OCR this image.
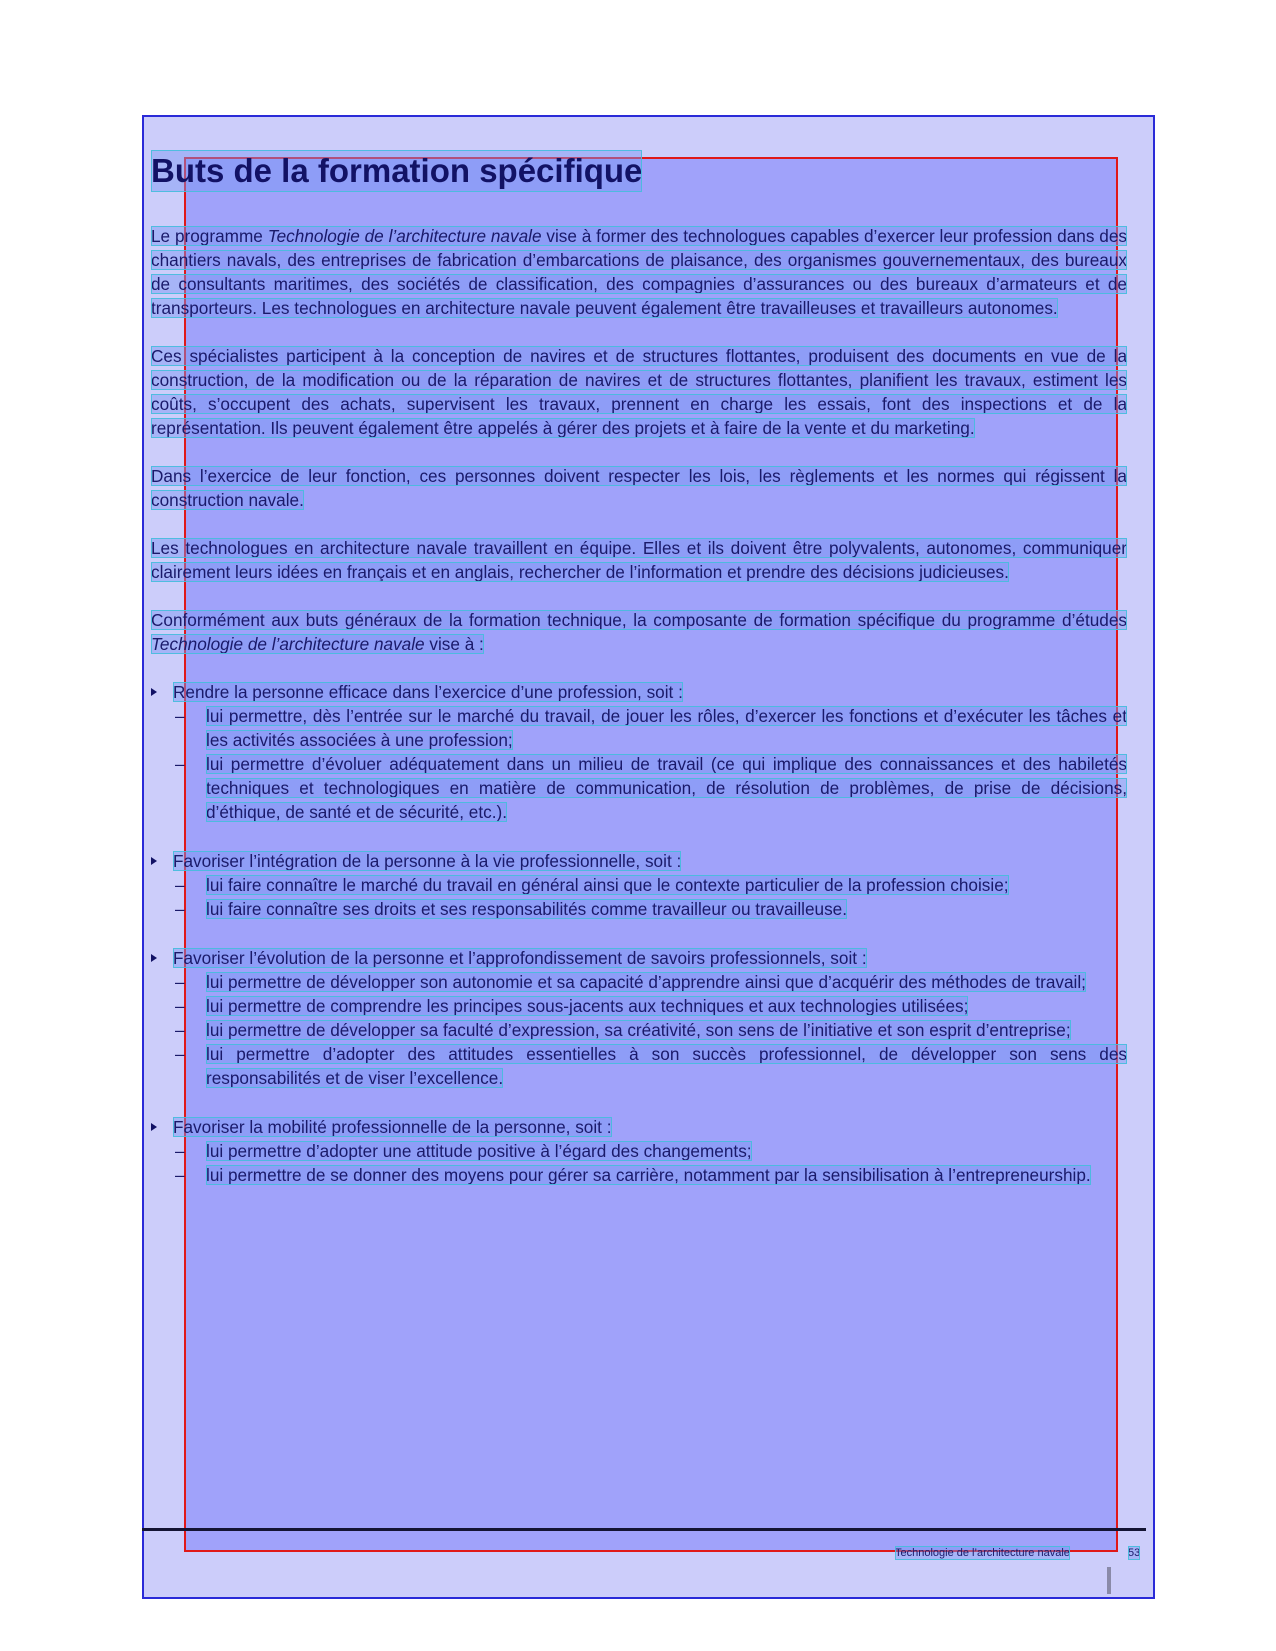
Buts de la formation spécifique

Le programme Technologie de l’architecture navale vise à former des technologues capables d’exercer leur profession dans des chantiers navals, des entreprises de fabrication d’embarcations de plaisance, des organismes gouvernementaux, des bureaux de consultants maritimes, des sociétés de classification, des compagnies d’assurances ou des bureaux d’armateurs et de transporteurs. Les technologues en architecture navale peuvent également être travailleuses et travailleurs autonomes.

Ces spécialistes participent à la conception de navires et de structures flottantes, produisent des documents en vue de la construction, de la modification ou de la réparation de navires et de structures flottantes, planifient les travaux, estiment les coûts, s’occupent des achats, supervisent les travaux, prennent en charge les essais, font des inspections et de la représentation. Ils peuvent également être appelés à gérer des projets et à faire de la vente et du marketing.

Dans l’exercice de leur fonction, ces personnes doivent respecter les lois, les règlements et les normes qui régissent la construction navale.

Les technologues en architecture navale travaillent en équipe. Elles et ils doivent être polyvalents, autonomes, communiquer clairement leurs idées en français et en anglais, rechercher de l’information et prendre des décisions judicieuses.

Conformément aux buts généraux de la formation technique, la composante de formation spécifique du programme d’études Technologie de l’architecture navale vise à :

Rendre la personne efficace dans l’exercice d’une profession, soit :
– lui permettre, dès l’entrée sur le marché du travail, de jouer les rôles, d’exercer les fonctions et d’exécuter les tâches et les activités associées à une profession;
– lui permettre d’évoluer adéquatement dans un milieu de travail (ce qui implique des connaissances et des habiletés techniques et technologiques en matière de communication, de résolution de problèmes, de prise de décisions, d’éthique, de santé et de sécurité, etc.).
Favoriser l’intégration de la personne à la vie professionnelle, soit :
– lui faire connaître le marché du travail en général ainsi que le contexte particulier de la profession choisie;
– lui faire connaître ses droits et ses responsabilités comme travailleur ou travailleuse.
Favoriser l’évolution de la personne et l’approfondissement de savoirs professionnels, soit :
– lui permettre de développer son autonomie et sa capacité d’apprendre ainsi que d’acquérir des méthodes de travail;
– lui permettre de comprendre les principes sous-jacents aux techniques et aux technologies utilisées;
– lui permettre de développer sa faculté d’expression, sa créativité, son sens de l’initiative et son esprit d’entreprise;
– lui permettre d’adopter des attitudes essentielles à son succès professionnel, de développer son sens des responsabilités et de viser l’excellence.
Favoriser la mobilité professionnelle de la personne, soit :
– lui permettre d’adopter une attitude positive à l’égard des changements;
– lui permettre de se donner des moyens pour gérer sa carrière, notamment par la sensibilisation à l’entrepreneurship.
Technologie de l’architecture navale	53
